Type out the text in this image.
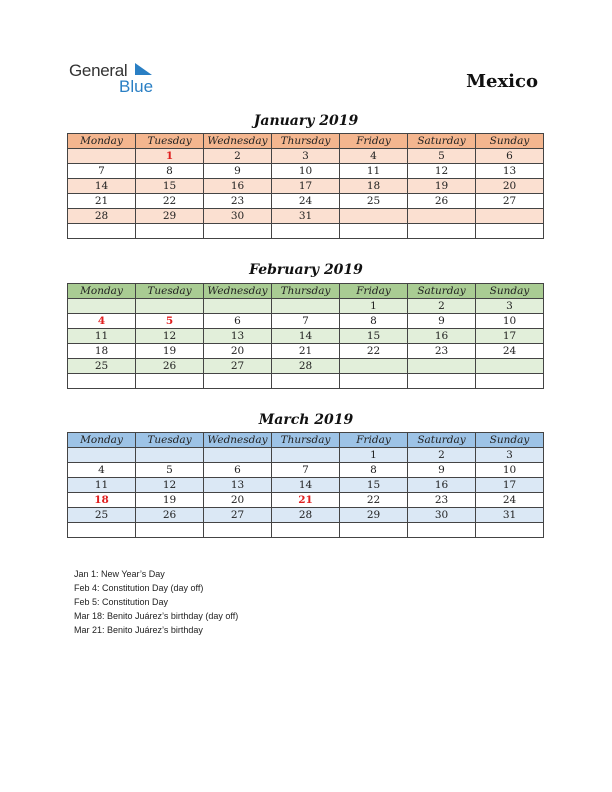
General
Blue	Mexico
January 2019
Monday	Tuesday	Wednesday	Thursday	Friday	Saturday	Sunday
	1	2	3	4	5	6
7	8	9	10	11	12	13
14	15	16	17	18	19	20
21	22	23	24	25	26	27
28	29	30	31			

February 2019
Monday	Tuesday	Wednesday	Thursday	Friday	Saturday	Sunday
				1	2	3
4	5	6	7	8	9	10
11	12	13	14	15	16	17
18	19	20	21	22	23	24
25	26	27	28			

March 2019
Monday	Tuesday	Wednesday	Thursday	Friday	Saturday	Sunday
				1	2	3
4	5	6	7	8	9	10
11	12	13	14	15	16	17
18	19	20	21	22	23	24
25	26	27	28	29	30	31

Jan 1: New Year’s Day
Feb 4: Constitution Day (day off)
Feb 5: Constitution Day
Mar 18: Benito Juárez’s birthday (day off)
Mar 21: Benito Juárez’s birthday
